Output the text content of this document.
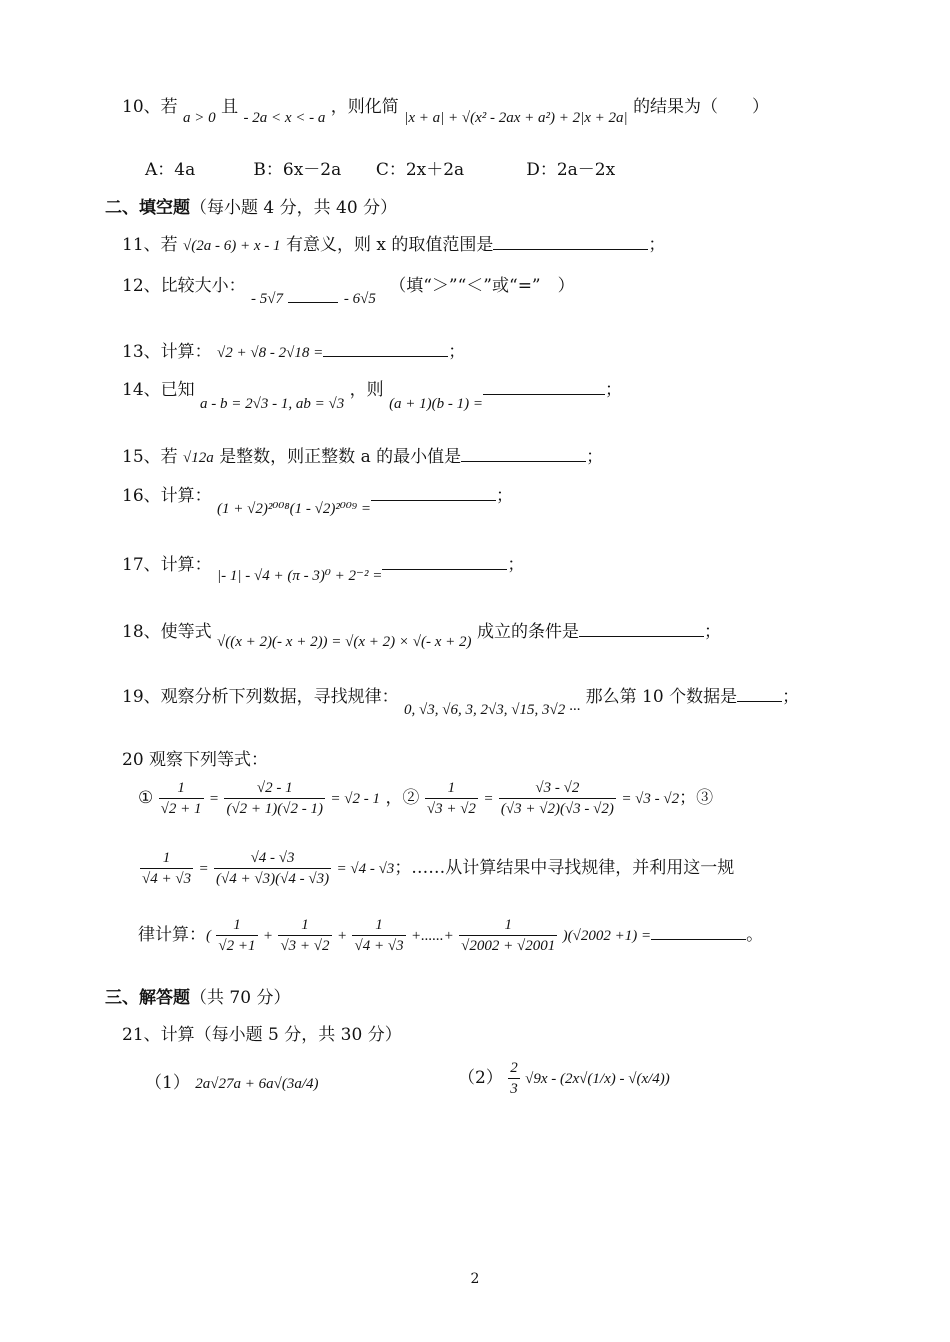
10、若 a > 0 且 - 2a < x < - a ，则化简 |x + a| + √(x² - 2ax + a²) + 2|x + 2a| 的结果为（　　）
A：4a	B：6x－2a C：2x＋2a	D：2a－2x
二、填空题（每小题 4 分，共 40 分）
11、若 √(2a - 6) + x - 1 有意义，则 x 的取值范围是	；
12、比较大小： - 5√7	- 6√5 （填“＞”“＜”或“=”　）
13、计算： √2 + √8 - 2√18 =	；
14、已知 a - b = 2√3 - 1, ab = √3 ，则 (a + 1)(b - 1) =；
15、若 √12a 是整数，则正整数 a 的最小值是	；
16、计算： (1 + √2)²⁰⁰⁸(1 - √2)²⁰⁰⁹ =；
17、计算： |- 1| - √4 + (π - 3)⁰ + 2⁻² =；
18、使等式 √((x + 2)(- x + 2)) = √(x + 2) × √(- x + 2) 成立的条件是	；
19、观察分析下列数据，寻找规律： 0, √3, √6, 3, 2√3, √15, 3√2 ··· 那么第 10 个数据是	；
20 观察下列等式：
① $\frac{1}{√2 + 1} = \frac{√2 - 1}{(√2 + 1)(√2 - 1)} = √2 - 1$ ，② $\frac{1}{√3 + √2} = \frac{√3 - √2}{(√3 + √2)(√3 - √2)} = √3 - √2$；③
$\frac{1}{√4 + √3} = \frac{√4 - √3}{(√4 + √3)(√4 - √3)} = √4 - √3$；……从计算结果中寻找规律，并利用这一规
律计算：( $\frac{1}{√2 +1} + \frac{1}{√3 + √2} + \frac{1}{√4 + √3}$ +......+ $\frac{1}{√2002 + √2001} )(√2002 +1)$ =	。
三、解答题（共 70 分）
21、计算（每小题 5 分，共 30 分）
（1） 2a√27a + 6a√(3a/4)	$(2) \frac{2}{3} √9x - (2x√(1/x) - √(x/4))$
2
